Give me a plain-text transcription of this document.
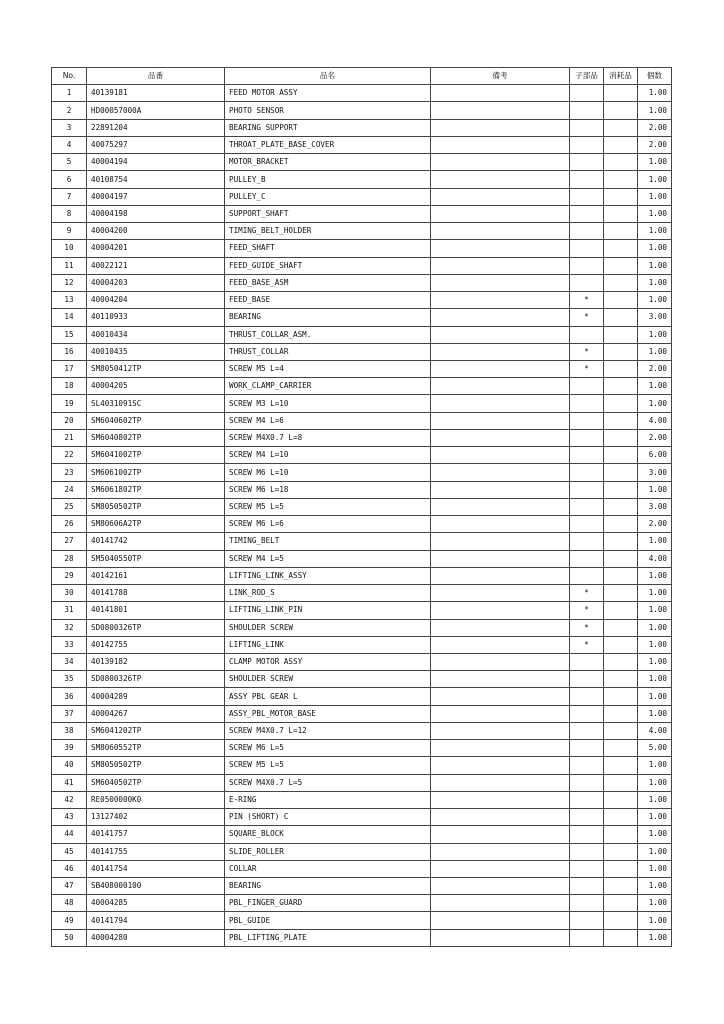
No.	品番	品名	備考	子部品	消耗品	個数
1	40139181	FEED MOTOR ASSY				1.00
2	HD00057000A	PHOTO SENSOR				1.00
3	22891204	BEARING SUPPORT				2.00
4	40075297	THROAT_PLATE_BASE_COVER				2.00
5	40004194	MOTOR_BRACKET				1.00
6	40108754	PULLEY_B				1.00
7	40004197	PULLEY_C				1.00
8	40004198	SUPPORT_SHAFT				1.00
9	40004200	TIMING_BELT_HOLDER				1.00
10	40004201	FEED_SHAFT				1.00
11	40022121	FEED_GUIDE_SHAFT				1.00
12	40004203	FEED_BASE_ASM				1.00
13	40004204	FEED_BASE		*		1.00
14	40110933	BEARING		*		3.00
15	40010434	THRUST_COLLAR_ASM.				1.00
16	40010435	THRUST_COLLAR		*		1.00
17	SM8050412TP	SCREW M5 L=4		*		2.00
18	40004205	WORK_CLAMP_CARRIER				1.00
19	SL4031091SC	SCREW M3 L=10				1.00
20	SM6040602TP	SCREW M4 L=6				4.00
21	SM6040802TP	SCREW M4X0.7 L=8				2.00
22	SM6041002TP	SCREW M4 L=10				6.00
23	SM6061002TP	SCREW M6 L=10				3.00
24	SM6061802TP	SCREW M6 L=18				1.00
25	SM8050502TP	SCREW M5 L=5				3.00
26	SM80606A2TP	SCREW M6 L=6				2.00
27	40141742	TIMING_BELT				1.00
28	SM5040550TP	SCREW M4 L=5				4.00
29	40142161	LIFTING_LINK_ASSY				1.00
30	40141788	LINK_ROD_S		*		1.00
31	40141801	LIFTING_LINK_PIN		*		1.00
32	SD0800326TP	SHOULDER SCREW		*		1.00
33	40142755	LIFTING_LINK		*		1.00
34	40139182	CLAMP MOTOR ASSY				1.00
35	SD0800326TP	SHOULDER SCREW				1.00
36	40004289	ASSY PBL GEAR L				1.00
37	40004267	ASSY_PBL_MOTOR_BASE				1.00
38	SM6041202TP	SCREW M4X0.7 L=12				4.00
39	SM8060552TP	SCREW M6 L=5				5.00
40	SM8050502TP	SCREW M5 L=5				1.00
41	SM6040502TP	SCREW M4X0.7 L=5				1.00
42	RE0500000K0	E-RING				1.00
43	13127402	PIN (SHORT) C				1.00
44	40141757	SQUARE_BLOCK				1.00
45	40141755	SLIDE_ROLLER				1.00
46	40141754	COLLAR				1.00
47	SB408000100	BEARING				1.00
48	40004285	PBL_FINGER_GUARD				1.00
49	40141794	PBL_GUIDE				1.00
50	40004280	PBL_LIFTING_PLATE				1.00
